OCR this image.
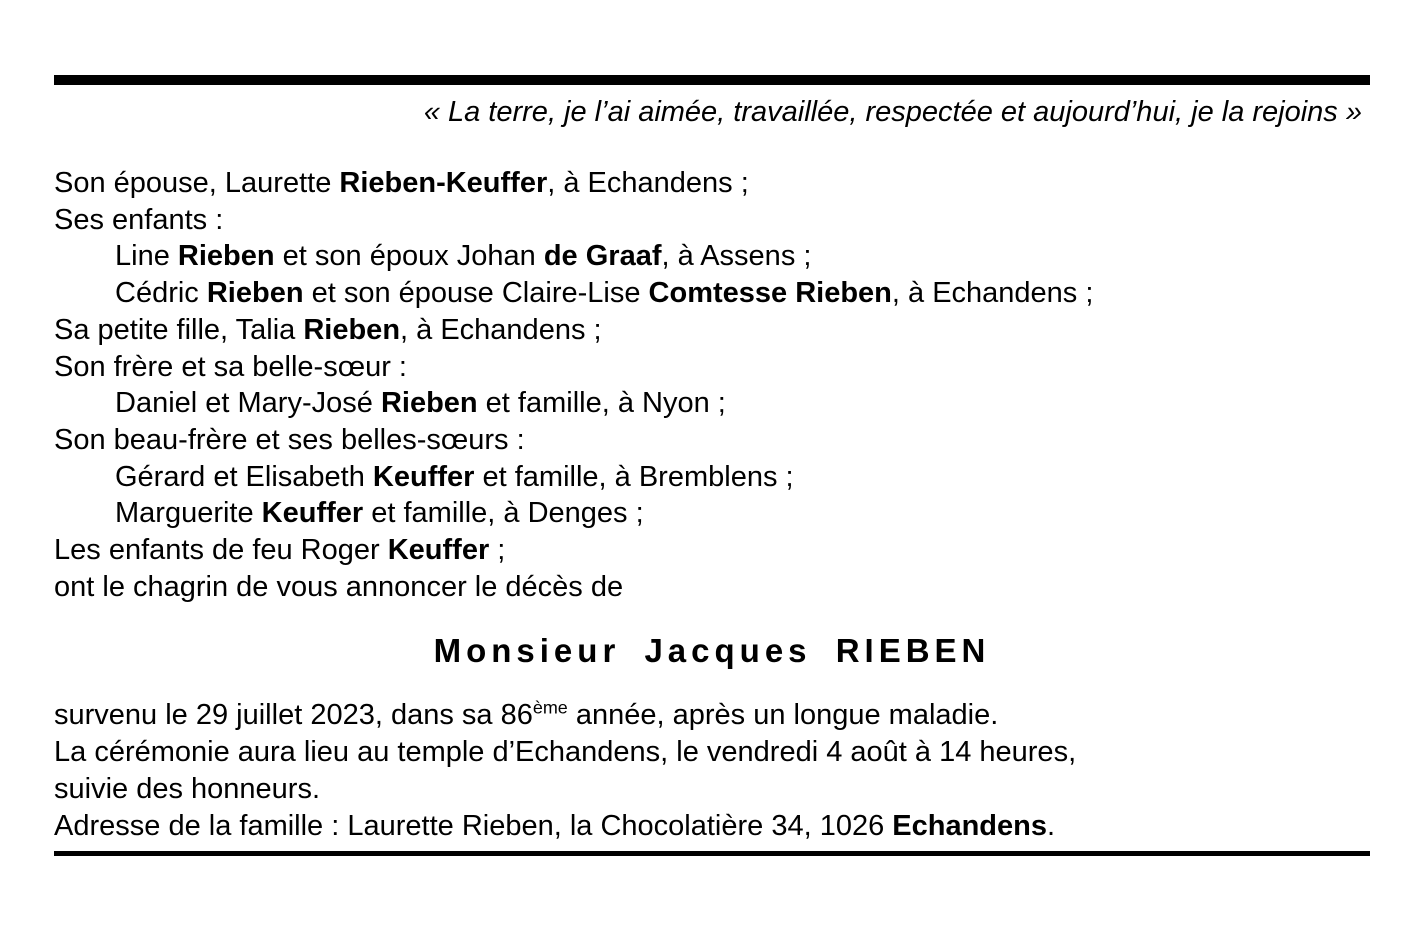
« La terre, je l’ai aimée, travaillée, respectée et aujourd’hui, je la rejoins »
Son épouse, Laurette Rieben-Keuffer, à Echandens ;
Ses enfants :
Line Rieben et son époux Johan de Graaf, à Assens ;
Cédric Rieben et son épouse Claire-Lise Comtesse Rieben, à Echandens ;
Sa petite fille, Talia Rieben, à Echandens ;
Son frère et sa belle-sœur :
Daniel et Mary-José Rieben et famille, à Nyon ;
Son beau-frère et ses belles-sœurs :
Gérard et Elisabeth Keuffer et famille, à Bremblens ;
Marguerite Keuffer et famille, à Denges ;
Les enfants de feu Roger Keuffer ;
ont le chagrin de vous annoncer le décès de
Monsieur Jacques RIEBEN
survenu le 29 juillet 2023, dans sa 86ème année, après un longue maladie.
La cérémonie aura lieu au temple d’Echandens, le vendredi 4 août à 14 heures,
suivie des honneurs.
Adresse de la famille : Laurette Rieben, la Chocolatière 34, 1026 Echandens.
